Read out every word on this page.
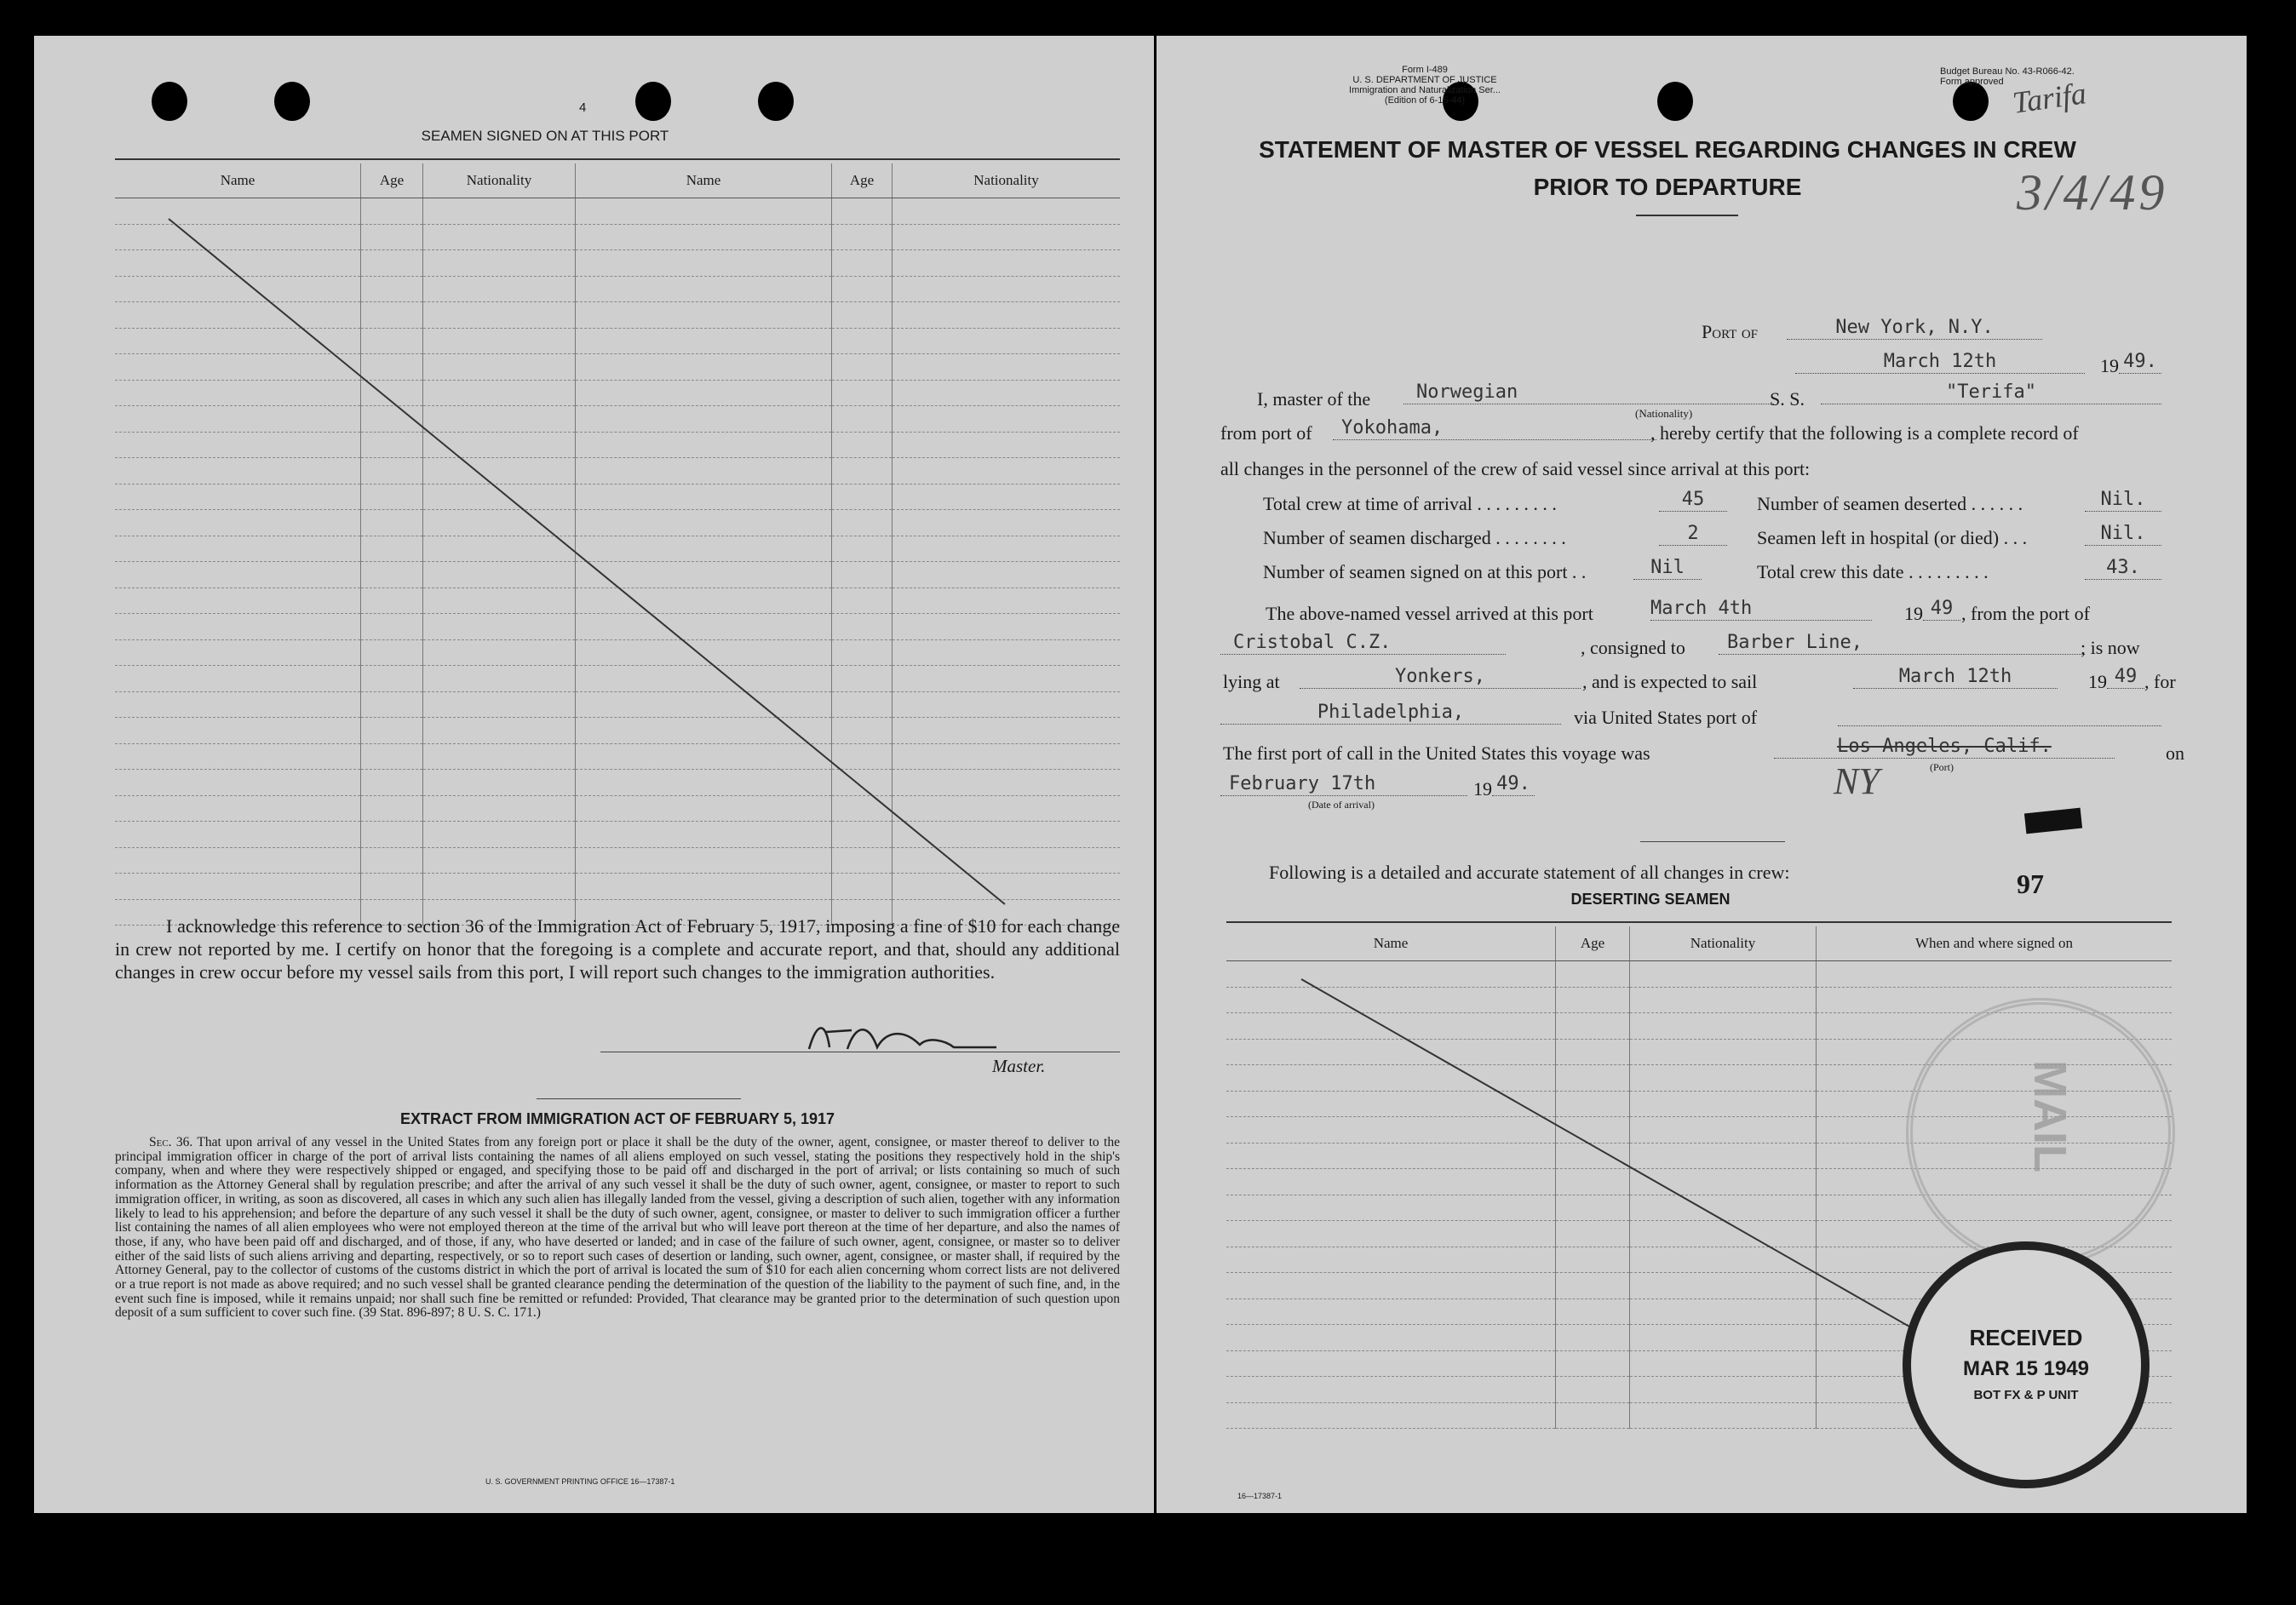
4
SEAMEN SIGNED ON AT THIS PORT
Name	Age	Nationality	Name	Age	Nationality

I acknowledge this reference to section 36 of the Immigration Act of February 5, 1917, imposing a fine of $10 for each change in crew not reported by me. I certify on honor that the foregoing is a complete and accurate report, and that, should any additional changes in crew occur before my vessel sails from this port, I will report such changes to the immigration authorities.
Master.
EXTRACT FROM IMMIGRATION ACT OF FEBRUARY 5, 1917
Sec. 36. That upon arrival of any vessel in the United States from any foreign port or place it shall be the duty of the owner, agent, consignee, or master thereof to deliver to the principal immigration officer in charge of the port of arrival lists containing the names of all aliens employed on such vessel, stating the positions they respectively hold in the ship's company, when and where they were respectively shipped or engaged, and specifying those to be paid off and discharged in the port of arrival; or lists containing so much of such information as the Attorney General shall by regulation prescribe; and after the arrival of any such vessel it shall be the duty of such owner, agent, consignee, or master to report to such immigration officer, in writing, as soon as discovered, all cases in which any such alien has illegally landed from the vessel, giving a description of such alien, together with any information likely to lead to his apprehension; and before the departure of any such vessel it shall be the duty of such owner, agent, consignee, or master to deliver to such immigration officer a further list containing the names of all alien employees who were not employed thereon at the time of the arrival but who will leave port thereon at the time of her departure, and also the names of those, if any, who have been paid off and discharged, and of those, if any, who have deserted or landed; and in case of the failure of such owner, agent, consignee, or master so to deliver either of the said lists of such aliens arriving and departing, respectively, or so to report such cases of desertion or landing, such owner, agent, consignee, or master shall, if required by the Attorney General, pay to the collector of customs of the customs district in which the port of arrival is located the sum of $10 for each alien concerning whom correct lists are not delivered or a true report is not made as above required; and no such vessel shall be granted clearance pending the determination of the question of the liability to the payment of such fine, and, in the event such fine is imposed, while it remains unpaid; nor shall such fine be remitted or refunded: Provided, That clearance may be granted prior to the determination of such question upon deposit of a sum sufficient to cover such fine. (39 Stat. 896-897; 8 U. S. C. 171.)
U. S. GOVERNMENT PRINTING OFFICE 16—17387-1
Form I-489
U. S. DEPARTMENT OF JUSTICE
Immigration and Naturalization Ser...
(Edition of 6-15-44)
Budget Bureau No. 43-R066-42.
Form approved Tarifa
3/4/49
STATEMENT OF MASTER OF VESSEL REGARDING CHANGES IN CREW
PRIOR TO DEPARTURE
Port of	New York, N.Y.
March 12th	19 49.
I, master of the	Norwegian
(Nationality)
S. S.	"Terifa"
from port of	Yokohama,	, hereby certify that the following is a complete record of
all changes in the personnel of the crew of said vessel since arrival at this port:
Total crew at time of arrival . . . . . . . . .	45	Number of seamen deserted . . . . . .	Nil.
Number of seamen discharged . . . . . . . .	2	Seamen left in hospital (or died) . . .	Nil.
Number of seamen signed on at this port . .	Nil	Total crew this date . . . . . . . . .	43.
The above-named vessel arrived at this port	March 4th	19 49 , from the port of
Cristobal C.Z.	, consigned to	Barber Line,	; is now
lying at	Yonkers,	, and is expected to sail	March 12th	19 49 , for
Philadelphia,	via United States port of
The first port of call in the United States this voyage was	Los Angeles, Calif.	on
(Port)
NY
February 17th	19 49.
(Date of arrival)
Following is a detailed and accurate statement of all changes in crew:	97
DESERTING SEAMEN
Name	Age	Nationality	When and where signed on

MAIL
RECEIVED
MAR 15 1949
BOT FX & P UNIT
16—17387-1
